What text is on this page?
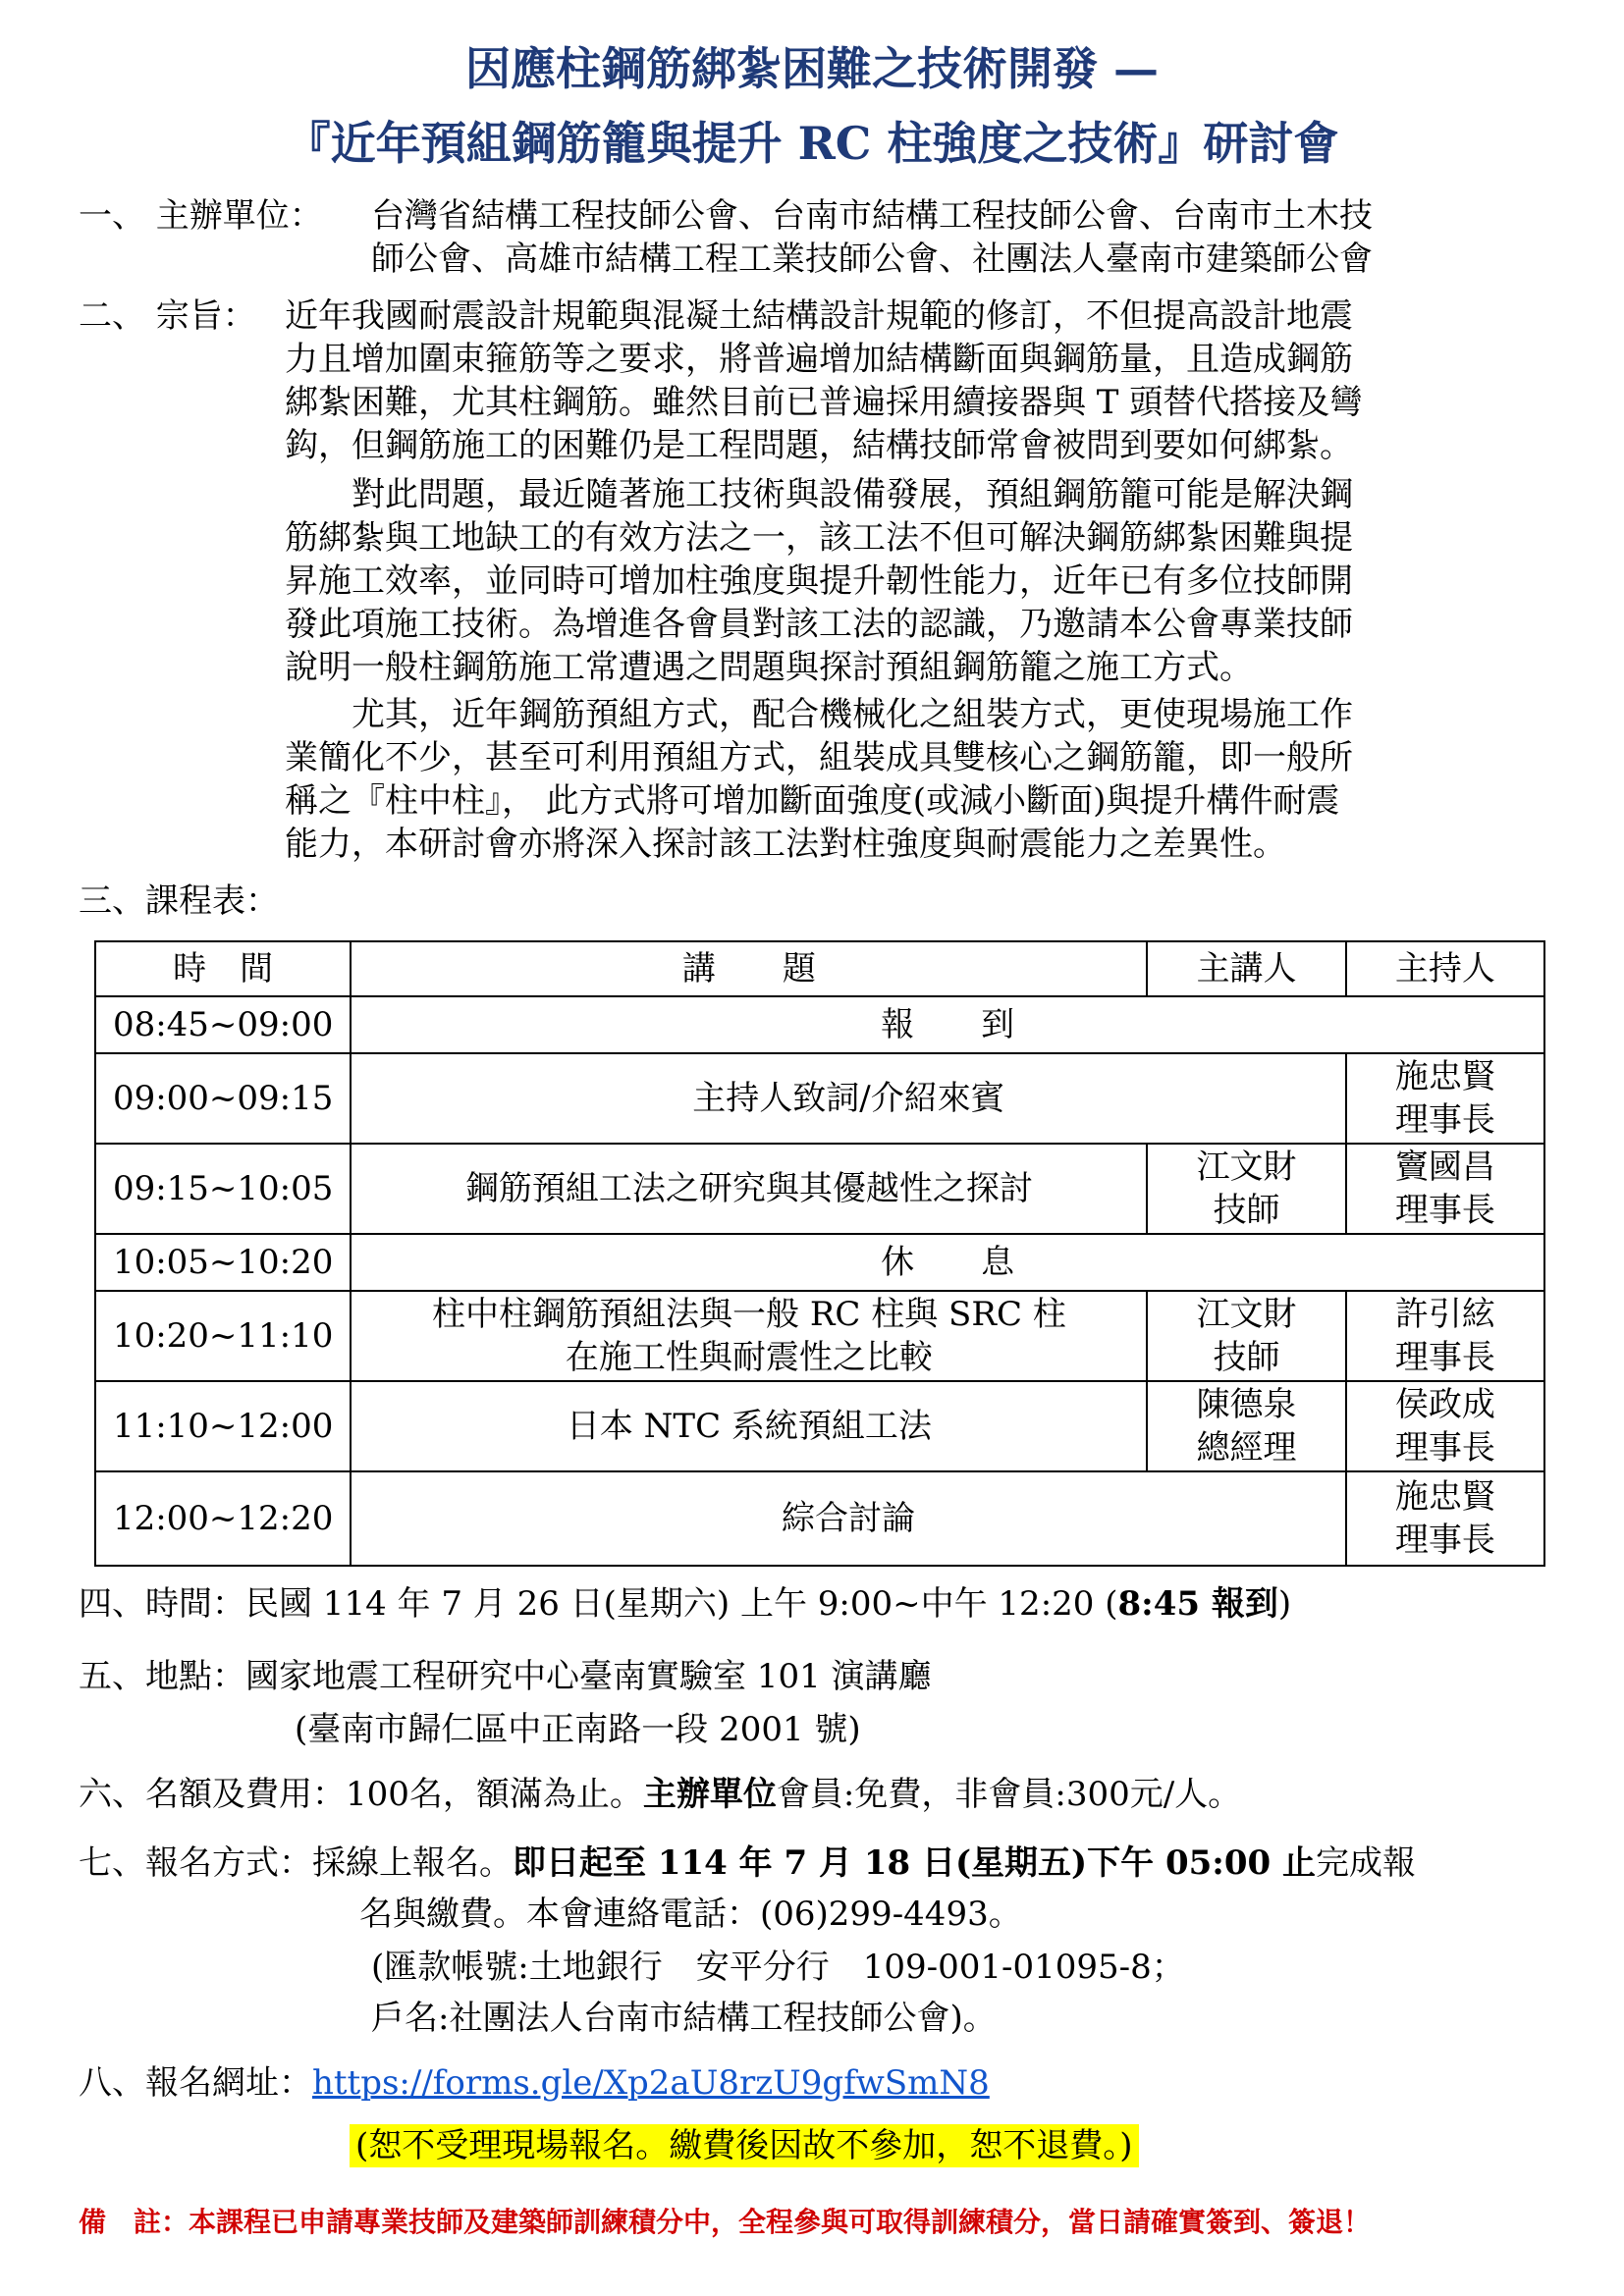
因應柱鋼筋綁紮困難之技術開發 —
『近年預組鋼筋籠與提升 RC 柱強度之技術』研討會
一、 主辦單位： 台灣省結構工程技師公會、台南市結構工程技師公會、台南市土木技
師公會、高雄市結構工程工業技師公會、社團法人臺南市建築師公會
二、 宗旨： 近年我國耐震設計規範與混凝土結構設計規範的修訂，不但提高設計地震
力且增加圍束箍筋等之要求，將普遍增加結構斷面與鋼筋量，且造成鋼筋
綁紮困難，尤其柱鋼筋。雖然目前已普遍採用續接器與 T 頭替代搭接及彎
鈎，但鋼筋施工的困難仍是工程問題，結構技師常會被問到要如何綁紮。
　　對此問題，最近隨著施工技術與設備發展，預組鋼筋籠可能是解決鋼
筋綁紮與工地缺工的有效方法之一，該工法不但可解決鋼筋綁紮困難與提
昇施工效率，並同時可增加柱強度與提升韌性能力，近年已有多位技師開
發此項施工技術。為增進各會員對該工法的認識，乃邀請本公會專業技師
說明一般柱鋼筋施工常遭遇之問題與探討預組鋼筋籠之施工方式。
　　尤其，近年鋼筋預組方式，配合機械化之組裝方式，更使現場施工作
業簡化不少，甚至可利用預組方式，組裝成具雙核心之鋼筋籠，即一般所
稱之『柱中柱』， 此方式將可增加斷面強度(或減小斷面)與提升構件耐震
能力，本研討會亦將深入探討該工法對柱強度與耐震能力之差異性。
三、課程表：
時　間	講　　題	主講人	主持人
08:45~09:00	報　　到		
09:00~09:15	主持人致詞/介紹來賓		施忠賢
理事長

09:15~10:05	鋼筋預組工法之研究與其優越性之探討	江文財
技師	竇國昌
理事長

10:05~10:20	休　　息		
10:20~11:10	柱中柱鋼筋預組法與一般 RC 柱與 SRC 柱
在施工性與耐震性之比較	江文財
技師	許引絃
理事長

11:10~12:00	日本 NTC 系統預組工法	陳德泉
總經理	侯政成
理事長

12:00~12:20	綜合討論		施忠賢
理事長
四、時間：民國 114 年 7 月 26 日(星期六) 上午 9:00~中午 12:20 (8:45 報到)
五、地點：國家地震工程研究中心臺南實驗室 101 演講廳
(臺南市歸仁區中正南路一段 2001 號)
六、名額及費用：100名，額滿為止。主辦單位會員:免費，非會員:300元/人。
七、報名方式：採線上報名。即日起至 114 年 7 月 18 日(星期五)下午 05:00 止完成報
名與繳費。本會連絡電話：(06)299-4493。
(匯款帳號:土地銀行　安平分行　109-001-01095-8；
戶名:社團法人台南市結構工程技師公會)。
八、報名網址：https://forms.gle/Xp2aU8rzU9gfwSmN8
(恕不受理現場報名。繳費後因故不參加，恕不退費。)
備　註：本課程已申請專業技師及建築師訓練積分中，全程參與可取得訓練積分，當日請確實簽到、簽退！
